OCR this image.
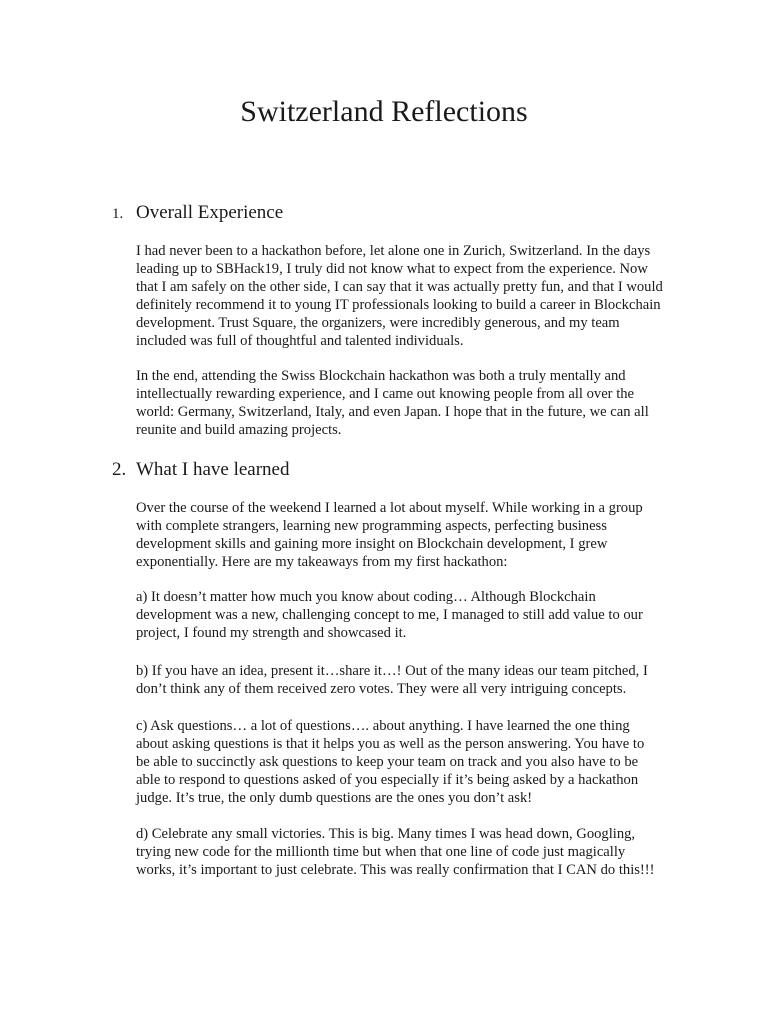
Switzerland Reflections
1. Overall Experience
I had never been to a hackathon before, let alone one in Zurich, Switzerland. In the days
leading up to SBHack19, I truly did not know what to expect from the experience. Now
that I am safely on the other side, I can say that it was actually pretty fun, and that I would
definitely recommend it to young IT professionals looking to build a career in Blockchain
development. Trust Square, the organizers, were incredibly generous, and my team
included was full of thoughtful and talented individuals.
In the end, attending the Swiss Blockchain hackathon was both a truly mentally and
intellectually rewarding experience, and I came out knowing people from all over the
world: Germany, Switzerland, Italy, and even Japan. I hope that in the future, we can all
reunite and build amazing projects.
2. What I have learned
Over the course of the weekend I learned a lot about myself. While working in a group
with complete strangers, learning new programming aspects, perfecting business
development skills and gaining more insight on Blockchain development, I grew
exponentially. Here are my takeaways from my first hackathon:
a) It doesn’t matter how much you know about coding… Although Blockchain
development was a new, challenging concept to me, I managed to still add value to our
project, I found my strength and showcased it.
b) If you have an idea, present it…share it…! Out of the many ideas our team pitched, I
don’t think any of them received zero votes. They were all very intriguing concepts.
c) Ask questions… a lot of questions…. about anything. I have learned the one thing
about asking questions is that it helps you as well as the person answering. You have to
be able to succinctly ask questions to keep your team on track and you also have to be
able to respond to questions asked of you especially if it’s being asked by a hackathon
judge. It’s true, the only dumb questions are the ones you don’t ask!
d) Celebrate any small victories. This is big. Many times I was head down, Googling,
trying new code for the millionth time but when that one line of code just magically
works, it’s important to just celebrate. This was really confirmation that I CAN do this!!!
